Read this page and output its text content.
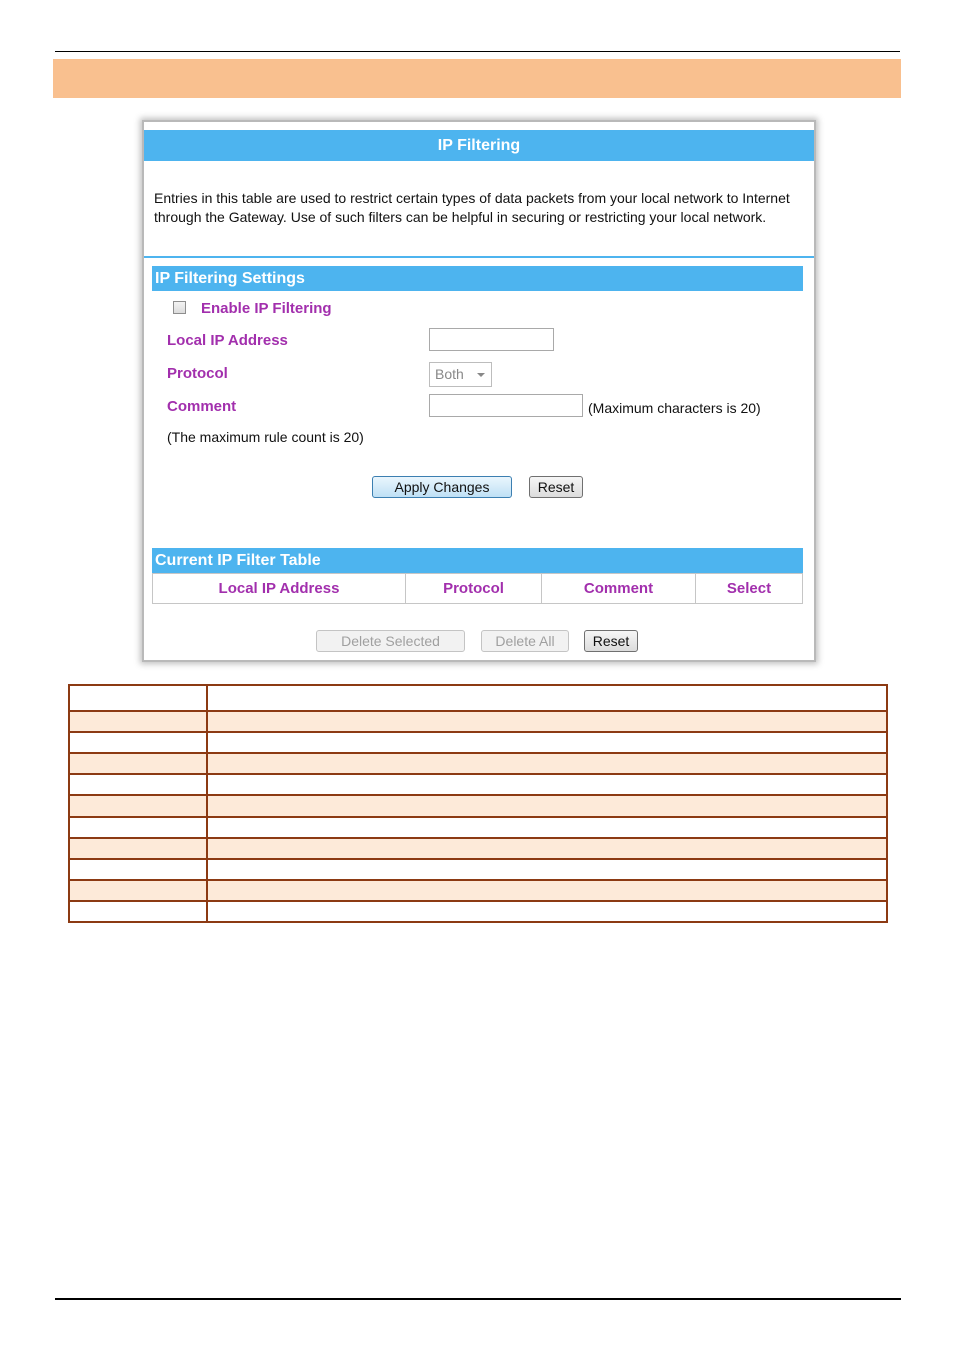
IP Filtering
Entries in this table are used to restrict certain types of data packets from your local network to Internet through the Gateway. Use of such filters can be helpful in securing or restricting your local network.
IP Filtering Settings
Enable IP Filtering
Local IP Address
Protocol	Both
Comment	(Maximum characters is 20)
(The maximum rule count is 20)
Apply Changes	Reset
Current IP Filter Table
Local IP Address	Protocol	Comment	Select
Delete Selected	Delete All	Reset
